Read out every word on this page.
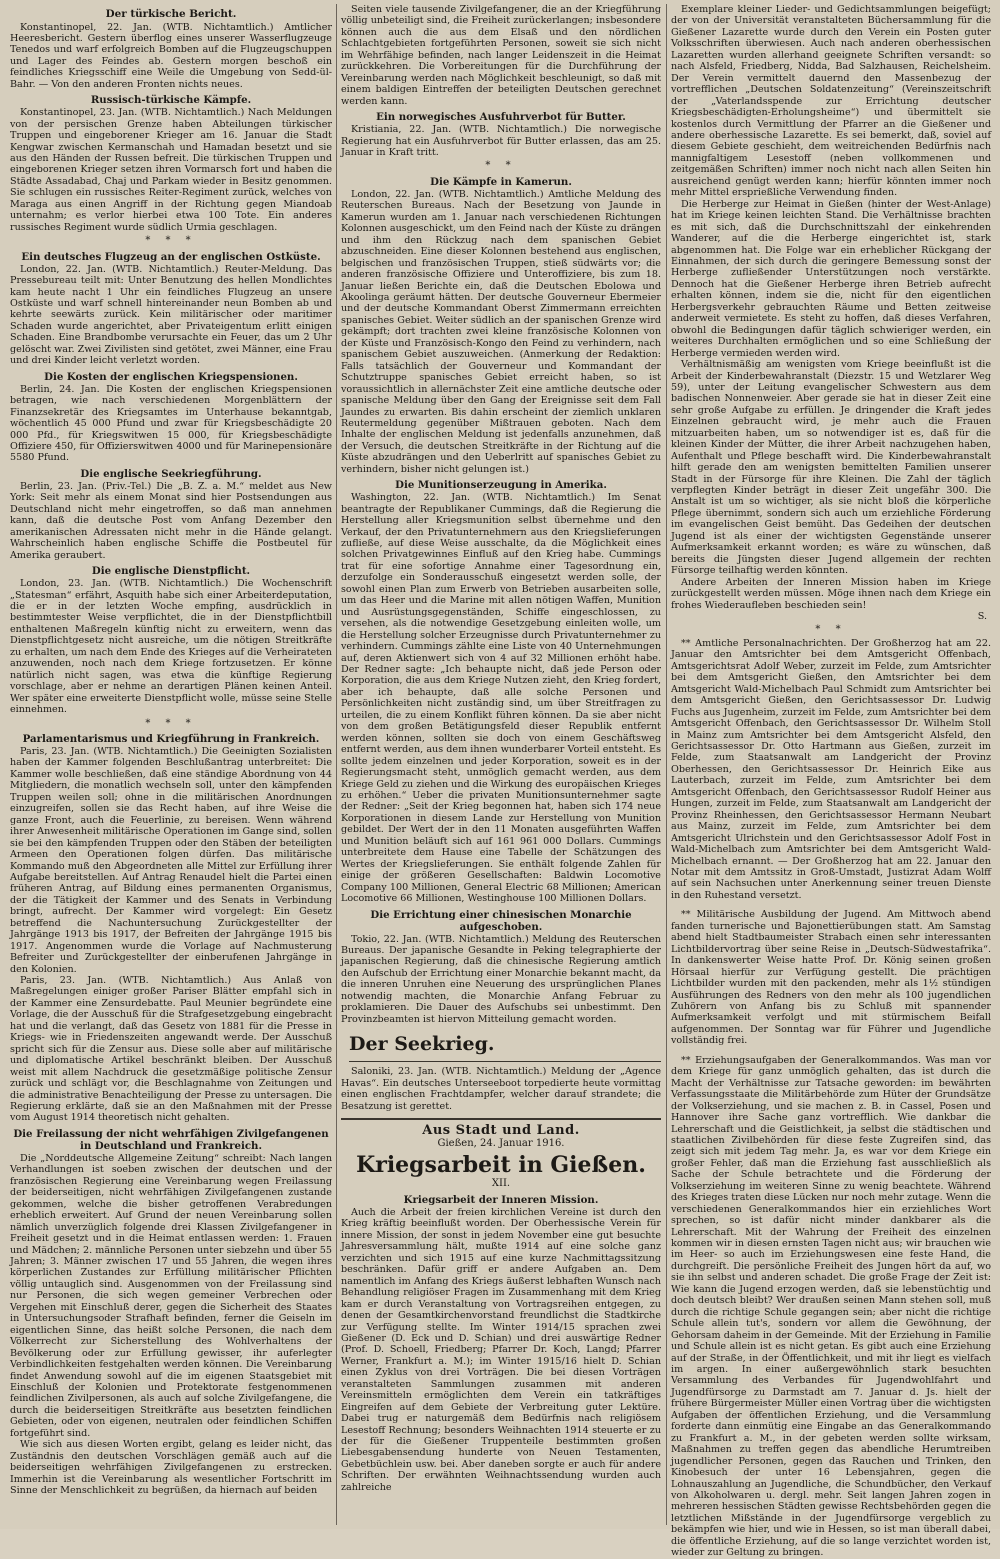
Der türkische Bericht.

Konstantinopel, 22. Jan. (WTB. Nichtamtlich.) Amtlicher Heeresbericht. Gestern überflog eines unserer Wasserflugzeuge Tenedos und warf erfolgreich Bomben auf die Flugzeugschuppen und Lager des Feindes ab. Gestern morgen beschoß ein feindliches Kriegsschiff eine Weile die Umgebung von Sedd-ül-Bahr. — Von den anderen Fronten nichts neues.

Russisch-türkische Kämpfe.

Konstantinopel, 23. Jan. (WTB. Nichtamtlich.) Nach Meldungen von der persischen Grenze haben Abteilungen türkischer Truppen und eingeborener Krieger am 16. Januar die Stadt Kengwar zwischen Kermanschah und Hamadan besetzt und sie aus den Händen der Russen befreit. Die türkischen Truppen und eingeborenen Krieger setzen ihren Vormarsch fort und haben die Städte Assadabad, Chaj und Parkam wieder in Besitz genommen. Sie schlugen ein russisches Reiter-Regiment zurück, welches von Maraga aus einen Angriff in der Richtung gegen Miandoab unternahm; es verlor hierbei etwa 100 Tote. Ein anderes russisches Regiment wurde südlich Urmia geschlagen.

* * *
Ein deutsches Flugzeug an der englischen Ostküste.

London, 22. Jan. (WTB. Nichtamtlich.) Reuter-Meldung. Das Pressebureau teilt mit: Unter Benutzung des hellen Mondlichtes kam heute nacht 1 Uhr ein feindliches Flugzeug an unsere Ostküste und warf schnell hintereinander neun Bomben ab und kehrte seewärts zurück. Kein militärischer oder maritimer Schaden wurde angerichtet, aber Privateigentum erlitt einigen Schaden. Eine Brandbombe verursachte ein Feuer, das um 2 Uhr gelöscht war. Zwei Zivilisten sind getötet, zwei Männer, eine Frau und drei Kinder leicht verletzt worden.

Die Kosten der englischen Kriegspensionen.

Berlin, 24. Jan. Die Kosten der englischen Kriegspensionen betragen, wie nach verschiedenen Morgenblättern der Finanzsekretär des Kriegsamtes im Unterhause bekanntgab, wöchentlich 45 000 Pfund und zwar für Kriegsbeschädigte 20 000 Pfd., für Kriegswitwen 15 000, für Kriegsbeschädigte Offiziere 450, für Offizierswitwen 4000 und für Marinepensionäre 5580 Pfund.

Die englische Seekriegführung.

Berlin, 23. Jan. (Priv.-Tel.) Die „B. Z. a. M.“ meldet aus New York: Seit mehr als einem Monat sind hier Postsendungen aus Deutschland nicht mehr eingetroffen, so daß man annehmen kann, daß die deutsche Post vom Anfang Dezember den amerikanischen Adressaten nicht mehr in die Hände gelangt. Wahrscheinlich haben englische Schiffe die Postbeutel für Amerika geraubert.

Die englische Dienstpflicht.

London, 23. Jan. (WTB. Nichtamtlich.) Die Wochenschrift „Statesman“ erfährt, Asquith habe sich einer Arbeiterdeputation, die er in der letzten Woche empfing, ausdrücklich in bestimmtester Weise verpflichtet, die in der Dienstpflichtbill enthaltenen Maßregeln künftig nicht zu erweitern, wenn das Dienstpflichtgesetz nicht ausreiche, um die nötigen Streitkräfte zu erhalten, um nach dem Ende des Krieges auf die Verheirateten anzuwenden, noch nach dem Kriege fortzusetzen. Er könne natürlich nicht sagen, was etwa die künftige Regierung vorschlage, aber er nehme an derartigen Plänen keinen Anteil. Wer später eine erweiterte Dienstpflicht wolle, müsse seine Stelle einnehmen.

* * *
Parlamentarismus und Kriegführung in Frankreich.

Paris, 23. Jan. (WTB. Nichtamtlich.) Die Geeinigten Sozialisten haben der Kammer folgenden Beschlußantrag unterbreitet: Die Kammer wolle beschließen, daß eine ständige Abordnung von 44 Mitgliedern, die monatlich wechseln soll, unter den kämpfenden Truppen weilen soll; ohne in die militärischen Anordnungen einzugreifen, sollen sie das Recht haben, auf ihre Weise die ganze Front, auch die Feuerlinie, zu bereisen. Wenn während ihrer Anwesenheit militärische Operationen im Gange sind, sollen sie bei den kämpfenden Truppen oder den Stäben der beteiligten Armeen den Operationen folgen dürfen. Das militärische Kommando muß den Abgeordneten alle Mittel zur Erfüllung ihrer Aufgabe bereitstellen. Auf Antrag Renaudel hielt die Partei einen früheren Antrag, auf Bildung eines permanenten Organismus, der die Tätigkeit der Kammer und des Senats in Verbindung bringt, aufrecht. Der Kammer wird vorgelegt: Ein Gesetz betreffend die Nachuntersuchung Zurückgestellter der Jahrgänge 1913 bis 1917, der Befreiten der Jahrgänge 1915 bis 1917. Angenommen wurde die Vorlage auf Nachmusterung Befreiter und Zurückgestellter der einberufenen Jahrgänge in den Kolonien.

Paris, 23. Jan. (WTB. Nichtamtlich.) Aus Anlaß von Maßregelungen einiger großer Pariser Blätter empfahl sich in der Kammer eine Zensurdebatte. Paul Meunier begründete eine Vorlage, die der Ausschuß für die Strafgesetzgebung eingebracht hat und die verlangt, daß das Gesetz von 1881 für die Presse in Kriegs- wie in Friedenszeiten angewandt werde. Der Ausschuß spricht sich für die Zensur aus. Diese solle aber auf militärische und diplomatische Artikel beschränkt bleiben. Der Ausschuß weist mit allem Nachdruck die gesetzmäßige politische Zensur zurück und schlägt vor, die Beschlagnahme von Zeitungen und die administrative Benachteiligung der Presse zu untersagen. Die Regierung erklärte, daß sie an den Maßnahmen mit der Presse vom August 1914 theoretisch nicht gehalten.

Die Freilassung der nicht wehrfähigen Zivilgefangenen in Deutschland und Frankreich.

Die „Norddeutsche Allgemeine Zeitung“ schreibt: Nach langen Verhandlungen ist soeben zwischen der deutschen und der französischen Regierung eine Vereinbarung wegen Freilassung der beiderseitigen, nicht wehrfähigen Zivilgefangenen zustande gekommen, welche die bisher getroffenen Verabredungen erheblich erweitert. Auf Grund der neuen Vereinbarung sollen nämlich unverzüglich folgende drei Klassen Zivilgefangener in Freiheit gesetzt und in die Heimat entlassen werden: 1. Frauen und Mädchen; 2. männliche Personen unter siebzehn und über 55 Jahren; 3. Männer zwischen 17 und 55 Jahren, die wegen ihres körperlichen Zustandes zur Erfüllung militärischer Pflichten völlig untauglich sind. Ausgenommen von der Freilassung sind nur Personen, die sich wegen gemeiner Verbrechen oder Vergehen mit Einschluß derer, gegen die Sicherheit des Staates in Untersuchungsoder Strafhaft befinden, ferner die Geiseln im eigentlichen Sinne, das heißt solche Personen, die nach dem Völkerrecht zur Sicherstellung des Wohlverhaltens der Bevölkerung oder zur Erfüllung gewisser, ihr auferlegter Verbindlichkeiten festgehalten werden können. Die Vereinbarung findet Anwendung sowohl auf die im eigenen Staatsgebiet mit Einschluß der Kolonien und Protektorate festgenommenen feindlichen Zivilpersonen, als auch auf solche Zivilgefangene, die durch die beiderseitigen Streitkräfte aus besetzten feindlichen Gebieten, oder von eigenen, neutralen oder feindlichen Schiffen fortgeführt sind.

Wie sich aus diesen Worten ergibt, gelang es leider nicht, das Zuständnis den deutschen Vorschlägen gemäß auch auf die beiderseitigen wehrfähigen Zivilgefangenen zu erstrecken. Immerhin ist die Vereinbarung als wesentlicher Fortschritt im Sinne der Menschlichkeit zu begrüßen, da hiernach auf beiden

Seiten viele tausende Zivilgefangener, die an der Kriegführung völlig unbeteiligt sind, die Freiheit zurückerlangen; insbesondere können auch die aus dem Elsaß und den nördlichen Schlachtgebieten fortgeführten Personen, soweit sie sich nicht im Wehrfähige befinden, nach langer Leidenszeit in die Heimat zurückkehren. Die Vorbereitungen für die Durchführung der Vereinbarung werden nach Möglichkeit beschleunigt, so daß mit einem baldigen Eintreffen der beteiligten Deutschen gerechnet werden kann.

Ein norwegisches Ausfuhrverbot für Butter.

Kristiania, 22. Jan. (WTB. Nichtamtlich.) Die norwegische Regierung hat ein Ausfuhrverbot für Butter erlassen, das am 25. Januar in Kraft tritt.

* *
Die Kämpfe in Kamerun.

London, 22. Jan. (WTB. Nichtamtlich.) Amtliche Meldung des Reuterschen Bureaus. Nach der Besetzung von Jaunde in Kamerun wurden am 1. Januar nach verschiedenen Richtungen Kolonnen ausgeschickt, um den Feind nach der Küste zu drängen und ihm den Rückzug nach dem spanischen Gebiet abzuschneiden. Eine dieser Kolonnen bestehend aus englischen, belgischen und französischen Truppen, stieß südwärts vor; die anderen französische Offiziere und Unteroffiziere, bis zum 18. Januar ließen Berichte ein, daß die Deutschen Ebolowa und Akoolinga geräumt hätten. Der deutsche Gouverneur Ebermeier und der deutsche Kommandant Oberst Zimmermann erreichten spanisches Gebiet. Weiter südlich an der spanischen Grenze wird gekämpft; dort trachten zwei kleine französische Kolonnen von der Küste und Französisch-Kongo den Feind zu verhindern, nach spanischem Gebiet auszuweichen. (Anmerkung der Redaktion: Falls tatsächlich der Gouverneur und Kommandant der Schutztruppe spanisches Gebiet erreicht haben, so ist voraussichtlich in allernächster Zeit eine amtliche deutsche oder spanische Meldung über den Gang der Ereignisse seit dem Fall Jaundes zu erwarten. Bis dahin erscheint der ziemlich unklaren Reutermeldung gegenüber Mißtrauen geboten. Nach dem Inhalte der englischen Meldung ist jedenfalls anzunehmen, daß der Versuch, die deutschen Streitkräfte in der Richtung auf die Küste abzudrängen und den Ueberlritt auf spanisches Gebiet zu verhindern, bisher nicht gelungen ist.)

Die Munitionserzeugung in Amerika.

Washington, 22. Jan. (WTB. Nichtamtlich.) Im Senat beantragte der Republikaner Cummings, daß die Regierung die Herstellung aller Kriegsmunition selbst übernehme und den Verkauf, der den Privatunternehmern aus den Kriegslieferungen zufließe, auf diese Weise ausschalte, da die Möglichkeit eines solchen Privatgewinnes Einfluß auf den Krieg habe. Cummings trat für eine sofortige Annahme einer Tagesordnung ein, derzufolge ein Sonderausschuß eingesetzt werden solle, der sowohl einen Plan zum Erwerb von Betrieben ausarbeiten solle, um das Heer und die Marine mit allen nötigen Waffen, Munition und Ausrüstungsgegenständen, Schiffe eingeschlossen, zu versehen, als die notwendige Gesetzgebung einleiten wolle, um die Herstellung solcher Erzeugnisse durch Privatunternehmer zu verhindern. Cummings zählte eine Liste von 40 Unternehmungen auf, deren Aktienwert sich von 4 auf 32 Millionen erhöht habe. Der Redner sagte: „Ich behaupte nicht, daß jede Person oder Korporation, die aus dem Kriege Nutzen zieht, den Krieg fordert, aber ich behaupte, daß alle solche Personen und Persönlichkeiten nicht zuständig sind, um über Streitfragen zu urteilen, die zu einem Konflikt führen können. Da sie aber nicht von dem großen Betätigungsfeld dieser Republik entfernt werden können, sollten sie doch von einem Geschäftsweg entfernt werden, aus dem ihnen wunderbarer Vorteil entsteht. Es sollte jedem einzelnen und jeder Korporation, soweit es in der Regierungsmacht steht, unmöglich gemacht werden, aus dem Kriege Geld zu ziehen und die Wirkung des europäischen Krieges zu erhöhen.“ Ueber die privaten Munitionsunternehmer sagte der Redner: „Seit der Krieg begonnen hat, haben sich 174 neue Korporationen in diesem Lande zur Herstellung von Munition gebildet. Der Wert der in den 11 Monaten ausgeführten Waffen und Munition beläuft sich auf 161 961 000 Dollars. Cummings unterbreitete dem Hause eine Tabelle der Schätzungen des Wertes der Kriegslieferungen. Sie enthält folgende Zahlen für einige der größeren Gesellschaften: Baldwin Locomotive Company 100 Millionen, General Electric 68 Millionen; American Locomotive 66 Millionen, Westinghouse 100 Millionen Dollars.

Die Errichtung einer chinesischen Monarchie aufgeschoben.

Tokio, 22. Jan. (WTB. Nichtamtlich.) Meldung des Reuterschen Bureaus. Der japanische Gesandte in Peking telegraphierte der japanischen Regierung, daß die chinesische Regierung amtlich den Aufschub der Errichtung einer Monarchie bekannt macht, da die inneren Unruhen eine Neuerung des ursprünglichen Planes notwendig machten, die Monarchie Anfang Februar zu proklamieren. Die Dauer des Aufschubs sei unbestimmt. Den Provinzbeamten ist hiervon Mitteilung gemacht worden.

Der Seekrieg.

Saloniki, 23. Jan. (WTB. Nichtamtlich.) Meldung der „Agence Havas“. Ein deutsches Unterseeboot torpedierte heute vormittag einen englischen Frachtdampfer, welcher darauf strandete; die Besatzung ist gerettet.

Aus Stadt und Land.
Gießen, 24. Januar 1916.
Kriegsarbeit in Gießen.
XII.
Kriegsarbeit der Inneren Mission.

Auch die Arbeit der freien kirchlichen Vereine ist durch den Krieg kräftig beeinflußt worden. Der Oberhessische Verein für innere Mission, der sonst in jedem November eine gut besuchte Jahresversammlung hält, mußte 1914 auf eine solche ganz verzichten und sich 1915 auf eine kurze Nachmittagssitzung beschränken. Dafür griff er andere Aufgaben an. Dem namentlich im Anfang des Kriegs äußerst lebhaften Wunsch nach Behandlung religiöser Fragen im Zusammenhang mit dem Krieg kam er durch Veranstaltung von Vortragsreihen entgegen, zu denen der Gesamtkirchenvorstand freundlichst die Stadtkirche zur Verfügung stellte. Im Winter 1914/15 sprachen zwei Gießener (D. Eck und D. Schian) und drei auswärtige Redner (Prof. D. Schoell, Friedberg; Pfarrer Dr. Koch, Langd; Pfarrer Werner, Frankfurt a. M.); im Winter 1915/16 hielt D. Schian einen Zyklus von drei Vorträgen. Die bei diesen Vorträgen veranstalteten Sammlungen zusammen mit anderen Vereinsmitteln ermöglichten dem Verein ein tatkräftiges Eingreifen auf dem Gebiete der Verbreitung guter Lektüre. Dabei trug er naturgemäß dem Bedürfnis nach religiösem Lesestoff Rechnung; besonders Weihnachten 1914 steuerte er zu der für die Gießener Truppenteile bestimmten großen Liebesgabensendung hunderte von Neuen Testamenten, Gebetbüchlein usw. bei. Aber daneben sorgte er auch für andere Schriften. Der erwähnten Weihnachtssendung wurden auch zahlreiche

Exemplare kleiner Lieder- und Gedichtsammlungen beigefügt; der von der Universität veranstalteten Büchersammlung für die Gießener Lazarette wurde durch den Verein ein Posten guter Volksschriften überwiesen. Auch nach anderen oberhessischen Lazaretten wurden allerhand geeignete Schriften versandt: so nach Alsfeld, Friedberg, Nidda, Bad Salzhausen, Reichelsheim. Der Verein vermittelt dauernd den Massenbezug der vortrefflichen „Deutschen Soldatenzeitung“ (Vereinszeitschrift der „Vaterlandsspende zur Errichtung deutscher Kriegsbeschädigten-Erholungsheime“) und übermittelt sie kostenlos durch Vermittlung der Pfarrer an die Gießener und andere oberhessische Lazarette. Es sei bemerkt, daß, soviel auf diesem Gebiete geschieht, dem weitreichenden Bedürfnis nach mannigfaltigem Lesestoff (neben vollkommenen und zeitgemäßen Schriften) immer noch nicht nach allen Seiten hin ausreichend genügt werden kann; hierfür könnten immer noch mehr Mittel ersprießliche Verwendung finden.

Die Herberge zur Heimat in Gießen (hinter der West-Anlage) hat im Kriege keinen leichten Stand. Die Verhältnisse brachten es mit sich, daß die Durchschnittszahl der einkehrenden Wanderer, auf die die Herberge eingerichtet ist, stark abgenommen hat. Die Folge war ein erheblicher Rückgang der Einnahmen, der sich durch die geringere Bemessung sonst der Herberge zufließender Unterstützungen noch verstärkte. Dennoch hat die Gießener Herberge ihren Betrieb aufrecht erhalten können, indem sie die, nicht für den eigentlichen Herbergsverkehr gebrauchten Räume und Betten zeitweise anderweit vermietete. Es steht zu hoffen, daß dieses Verfahren, obwohl die Bedingungen dafür täglich schwieriger werden, ein weiteres Durchhalten ermöglichen und so eine Schließung der Herberge vermieden werden wird.

Verhältnismäßig am wenigsten vom Kriege beeinflußt ist die Arbeit der Kinderbewahranstalt (Diezstr. 15 und Wetzlarer Weg 59), unter der Leitung evangelischer Schwestern aus dem badischen Nonnenweier. Aber gerade sie hat in dieser Zeit eine sehr große Aufgabe zu erfüllen. Je dringender die Kraft jedes Einzelnen gebraucht wird, je mehr auch die Frauen mitzuarbeiten haben, um so notwendiger ist es, daß für die kleinen Kinder der Mütter, die ihrer Arbeit nachzugehen haben, Aufenthalt und Pflege beschafft wird. Die Kinderbewahranstalt hilft gerade den am wenigsten bemittelten Familien unserer Stadt in der Fürsorge für ihre Kleinen. Die Zahl der täglich verpflegten Kinder beträgt in dieser Zeit ungefähr 300. Die Anstalt ist um so wichtiger, als sie nicht bloß die körperliche Pflege übernimmt, sondern sich auch um erziehliche Förderung im evangelischen Geist bemüht. Das Gedeihen der deutschen Jugend ist als einer der wichtigsten Gegenstände unserer Aufmerksamkeit erkannt worden; es wäre zu wünschen, daß bereits die Jüngsten dieser Jugend allgemein der rechten Fürsorge teilhaftig werden könnten.

Andere Arbeiten der Inneren Mission haben im Kriege zurückgestellt werden müssen. Möge ihnen nach dem Kriege ein frohes Wiederaufleben beschieden sein!

S.
* *

** Amtliche Personalnachrichten. Der Großherzog hat am 22. Januar den Amtsrichter bei dem Amtsgericht Offenbach, Amtsgerichtsrat Adolf Weber, zurzeit im Felde, zum Amtsrichter bei dem Amtsgericht Gießen, den Amtsrichter bei dem Amtsgericht Wald-Michelbach Paul Schmidt zum Amtsrichter bei dem Amtsgericht Gießen, den Gerichtsassessor Dr. Ludwig Fuchs aus Jugenheim, zurzeit im Felde, zum Amtsrichter bei dem Amtsgericht Offenbach, den Gerichtsassessor Dr. Wilhelm Stoll in Mainz zum Amtsrichter bei dem Amtsgericht Alsfeld, den Gerichtsassessor Dr. Otto Hartmann aus Gießen, zurzeit im Felde, zum Staatsanwalt am Landgericht der Provinz Oberhessen, den Gerichtsassessor Dr. Heinrich Eike aus Lauterbach, zurzeit im Felde, zum Amtsrichter bei dem Amtsgericht Offenbach, den Gerichtsassessor Rudolf Heiner aus Hungen, zurzeit im Felde, zum Staatsanwalt am Landgericht der Provinz Rheinhessen, den Gerichtsassessor Hermann Neubart aus Mainz, zurzeit im Felde, zum Amtsrichter bei dem Amtsgericht Ulrichstein und den Gerichtsassessor Adolf Fost in Wald-Michelbach zum Amtsrichter bei dem Amtsgericht Wald-Michelbach ernannt. — Der Großherzog hat am 22. Januar den Notar mit dem Amtssitz in Groß-Umstadt, Justizrat Adam Wolff auf sein Nachsuchen unter Anerkennung seiner treuen Dienste in den Ruhestand versetzt.

** Militärische Ausbildung der Jugend. Am Mittwoch abend fanden turnerische und Bajonettierübungen statt. Am Samstag abend hielt Stadtbaumeister Strabach einen sehr interessanten Lichtbildervortrag über seine Reise in „Deutsch-Südwestafrika“. In dankenswerter Weise hatte Prof. Dr. König seinen großen Hörsaal hierfür zur Verfügung gestellt. Die prächtigen Lichtbilder wurden mit den packenden, mehr als 1½ stündigen Ausführungen des Redners von den mehr als 100 jugendlichen Zuhörern von Anfang bis zu Schluß mit spannender Aufmerksamkeit verfolgt und mit stürmischem Beifall aufgenommen. Der Sonntag war für Führer und Jugendliche vollständig frei.

** Erziehungsaufgaben der Generalkommandos. Was man vor dem Kriege für ganz unmöglich gehalten, das ist durch die Macht der Verhältnisse zur Tatsache geworden: im bewährten Verfassungsstaate die Militärbehörde zum Hüter der Grundsätze der Volkserziehung, und sie machen z. B. in Cassel, Posen und Hannover ihre Sache ganz vortrefflich. Wie dankbar die Lehrerschaft und die Geistlichkeit, ja selbst die städtischen und staatlichen Zivilbehörden für diese feste Zugreifen sind, das zeigt sich mit jedem Tag mehr. Ja, es war vor dem Kriege ein großer Fehler, daß man die Erziehung fast ausschließlich als Sache der Schule betrachtete und die Förderung der Volkserziehung im weiteren Sinne zu wenig beachtete. Während des Krieges traten diese Lücken nur noch mehr zutage. Wenn die verschiedenen Generalkommandos hier ein erziehliches Wort sprechen, so ist dafür nicht minder dankbarer als die Lehrerschaft. Mit der Wahrung der Freiheit des einzelnen kommen wir in diesen ernsten Tagen nicht aus; wir brauchen wie im Heer- so auch im Erziehungswesen eine feste Hand, die durchgreift. Die persönliche Freiheit des Jungen hört da auf, wo sie ihn selbst und anderen schadet. Die große Frage der Zeit ist: Wie kann die Jugend erzogen werden, daß sie lebenstüchtig und doch deutsch bleibt? Wer draußen seinen Mann stehen soll, muß durch die richtige Schule gegangen sein; aber nicht die richtige Schule allein tut's, sondern vor allem die Gewöhnung, der Gehorsam daheim in der Gemeinde. Mit der Erziehung in Familie und Schule allein ist es nicht getan. Es gibt auch eine Erziehung auf der Straße, in der Öffentlichkeit, und mit ihr liegt es vielfach im argen. In einer außergewöhnlich stark besuchten Versammlung des Verbandes für Jugendwohlfahrt und Jugendfürsorge zu Darmstadt am 7. Januar d. Js. hielt der frühere Bürgermeister Müller einen Vortrag über die wichtigsten Aufgaben der öffentlichen Erziehung, und die Versammlung forderte dann einmütig eine Eingabe an das Generalkommando zu Frankfurt a. M., in der gebeten werden sollte wirksam, Maßnahmen zu treffen gegen das abendliche Herumtreiben jugendlicher Personen, gegen das Rauchen und Trinken, den Kinobesuch der unter 16 Lebensjahren, gegen die Lohnauszahlung an Jugendliche, die Schundbücher, den Verkauf von Alkoholwaren u. dergl. mehr. Seit langen Jahren zogen in mehreren hessischen Städten gewisse Rechtsbehörden gegen die letztlichen Mißstände in der Jugendfürsorge vergeblich zu bekämpfen wie hier, und wie in Hessen, so ist man überall dabei, die öffentliche Erziehung, auf die so lange verzichtet worden ist, wieder zur Geltung zu bringen.
